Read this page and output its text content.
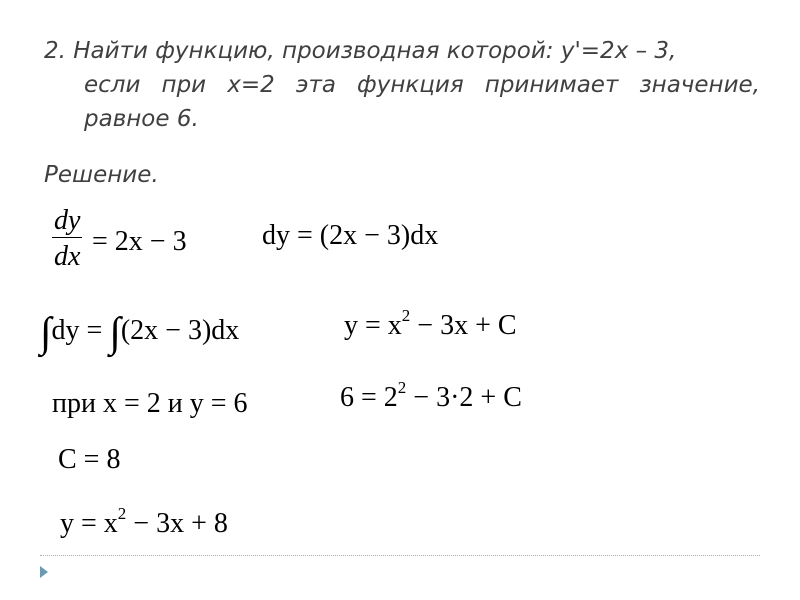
2. Найти функцию, производная которой: y'=2x – 3,
если при x=2 эта функция принимает значение,
равное 6.
Решение.
$\frac{dy}{dx} = 2x - 3$	dy = (2x − 3)dx
∫dy = ∫(2x − 3)dx	$y = x^2 - 3x + C$
при x = 2 и y = 6	$6 = 2^2 - 3\cdot 2 + C$
C = 8
$y = x^2 - 3x + 8$
